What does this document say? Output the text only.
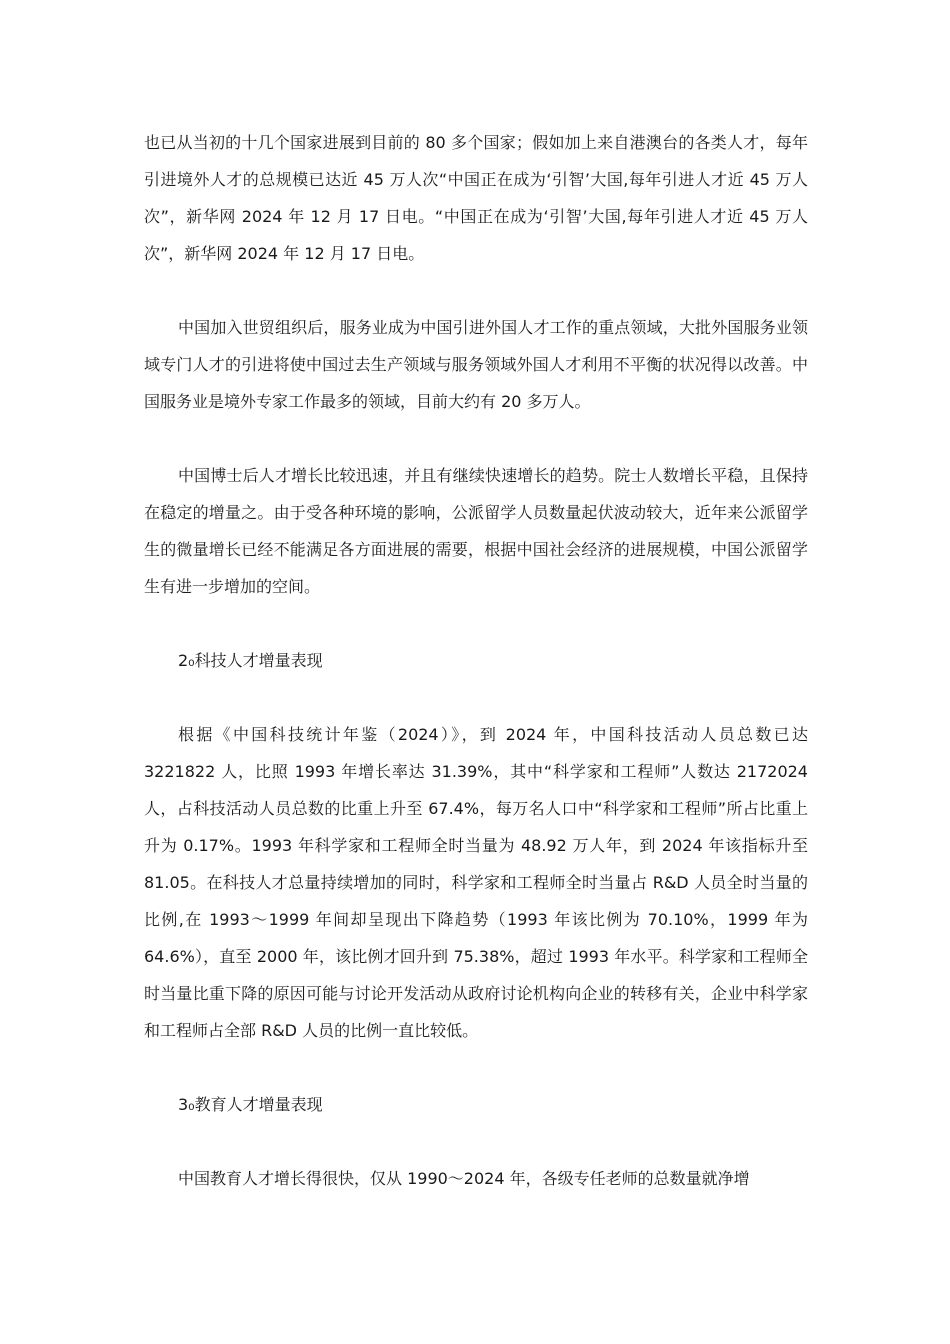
也已从当初的十几个国家进展到目前的 80 多个国家；假如加上来自港澳台的各类人才，每年引进境外人才的总规模已达近 45 万人次“中国正在成为‘引智’大国,每年引进人才近 45 万人次”，新华网 2024 年 12 月 17 日电。“中国正在成为‘引智’大国,每年引进人才近 45 万人次”，新华网 2024 年 12 月 17 日电。

中国加入世贸组织后，服务业成为中国引进外国人才工作的重点领域，大批外国服务业领域专门人才的引进将使中国过去生产领域与服务领域外国人才利用不平衡的状况得以改善。中国服务业是境外专家工作最多的领域，目前大约有 20 多万人。

中国博士后人才增长比较迅速，并且有继续快速增长的趋势。院士人数增长平稳，且保持在稳定的增量之。由于受各种环境的影响，公派留学人员数量起伏波动较大，近年来公派留学生的微量增长已经不能满足各方面进展的需要，根据中国社会经济的进展规模，中国公派留学生有进一步增加的空间。

2₀科技人才增量表现

根据《中国科技统计年鉴（2024）》，到 2024 年，中国科技活动人员总数已达 3221822 人，比照 1993 年增长率达 31.39%，其中“科学家和工程师”人数达 2172024 人，占科技活动人员总数的比重上升至 67.4%，每万名人口中“科学家和工程师”所占比重上升为 0.17%。1993 年科学家和工程师全时当量为 48.92 万人年，到 2024 年该指标升至 81.05。在科技人才总量持续增加的同时，科学家和工程师全时当量占 R&D 人员全时当量的比例,在 1993～1999 年间却呈现出下降趋势（1993 年该比例为 70.10%，1999 年为 64.6%），直至 2000 年，该比例才回升到 75.38%，超过 1993 年水平。科学家和工程师全时当量比重下降的原因可能与讨论开发活动从政府讨论机构向企业的转移有关，企业中科学家和工程师占全部 R&D 人员的比例一直比较低。

3₀教育人才增量表现

中国教育人才增长得很快，仅从 1990～2024 年，各级专任老师的总数量就净增
